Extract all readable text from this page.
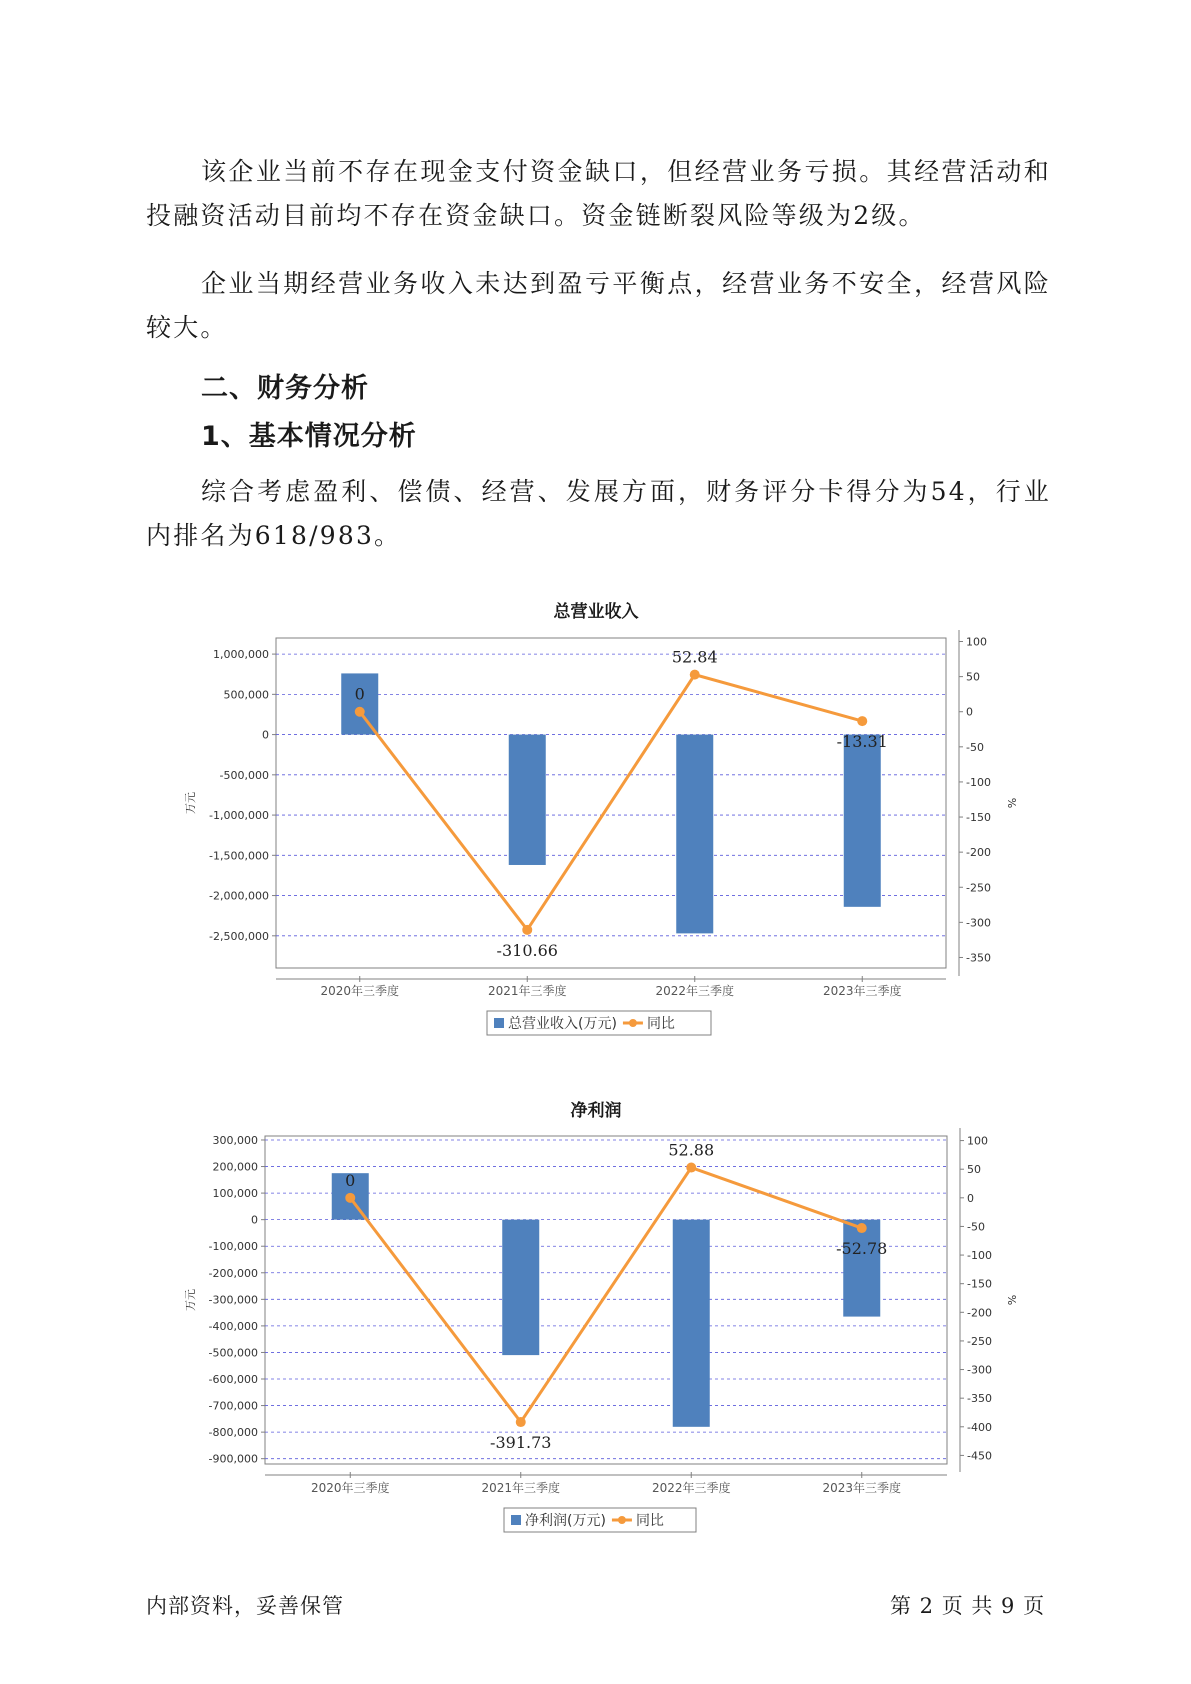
该企业当前不存在现金支付资金缺口，但经营业务亏损。其经营活动和投融资活动目前均不存在资金缺口。资金链断裂风险等级为2级。

企业当期经营业务收入未达到盈亏平衡点，经营业务不安全，经营风险较大。

二、财务分析
1、基本情况分析

综合考虑盈利、偿债、经营、发展方面，财务评分卡得分为54，行业内排名为618/983。

总营业收入
净利润
1,000,000
500,000
0
-500,000
-1,000,000
-1,500,000
-2,000,000
-2,500,000
100
50
0
-50
-100
-150
-200
-250
-300
-350
万元	%
2020年三季度	2021年三季度	2022年三季度	2023年三季度
0
-310.66
52.84
-13.31
总营业收入(万元) 同比
300,000
200,000
100,000
0
-100,000
-200,000
-300,000
-400,000
-500,000
-600,000
-700,000
-800,000
-900,000
100
50
0
-50
-100
-150
-200
-250
-300
-350
-400
-450
万元	%
2020年三季度	2021年三季度	2022年三季度	2023年三季度
0
-391.73
52.88
-52.78
净利润(万元) 同比
内部资料，妥善保管	第 2 页 共 9 页
